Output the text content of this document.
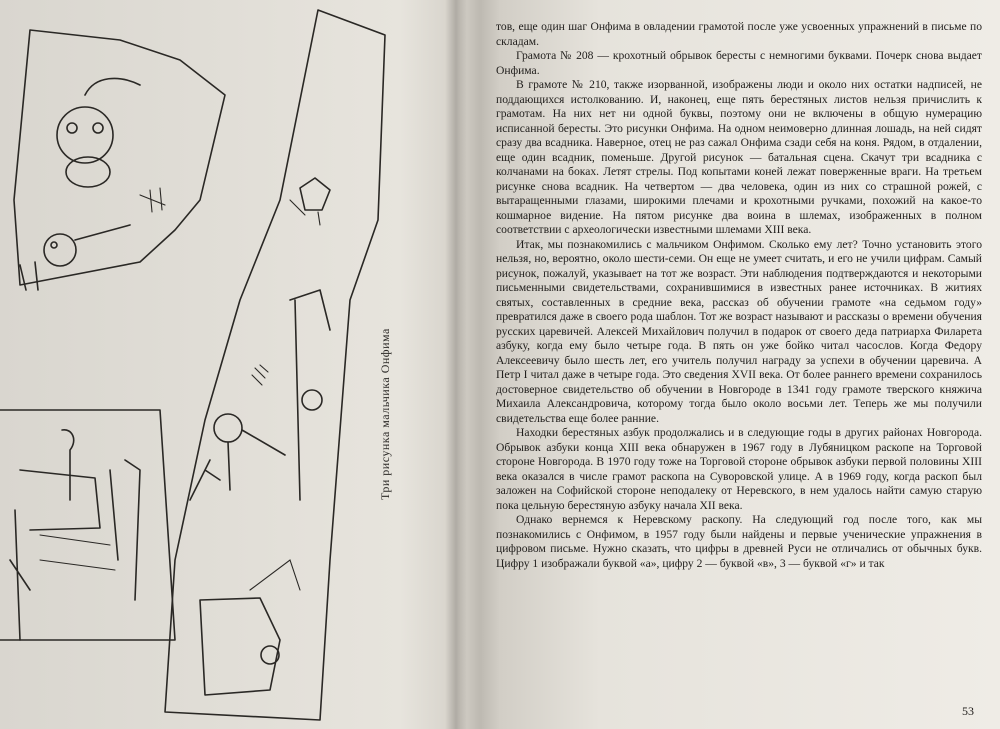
Три рисунка мальчика Онфима

тов, еще один шаг Онфима в овладении грамотой после уже усвоенных упражнений в письме по складам.

Грамота № 208 — крохотный обрывок бересты с немногими буквами. Почерк снова выдает Онфима.

В грамоте № 210, также изорванной, изображены люди и около них остатки надписей, не поддающихся истолкованию. И, наконец, еще пять берестяных листов нельзя причислить к грамотам. На них нет ни одной буквы, поэтому они не включены в общую нумерацию исписанной бересты. Это рисунки Онфима. На одном неимоверно длинная лошадь, на ней сидят сразу два всадника. Наверное, отец не раз сажал Онфима сзади себя на коня. Рядом, в отдалении, еще один всадник, поменьше. Другой рисунок — батальная сцена. Скачут три всадника с колчанами на боках. Летят стрелы. Под копытами коней лежат поверженные враги. На третьем рисунке снова всадник. На четвертом — два человека, один из них со страшной рожей, с вытаращенными глазами, широкими плечами и крохотными ручками, похожий на какое-то кошмарное видение. На пятом рисунке два воина в шлемах, изображенных в полном соответствии с археологически известными шлемами XIII века.

Итак, мы познакомились с мальчиком Онфимом. Сколько ему лет? Точно установить этого нельзя, но, вероятно, около шести-семи. Он еще не умеет считать, и его не учили цифрам. Самый рисунок, пожалуй, указывает на тот же возраст. Эти наблюдения подтверждаются и некоторыми письменными свидетельствами, сохранившимися в известных ранее источниках. В житиях святых, составленных в средние века, рассказ об обучении грамоте «на седьмом году» превратился даже в своего рода шаблон. Тот же возраст называют и рассказы о времени обучения русских царевичей. Алексей Михайлович получил в подарок от своего деда патриарха Филарета азбуку, когда ему было четыре года. В пять он уже бойко читал часослов. Когда Федору Алексеевичу было шесть лет, его учитель получил награду за успехи в обучении царевича. А Петр I читал даже в четыре года. Это сведения XVII века. От более раннего времени сохранилось достоверное свидетельство об обучении в Новгороде в 1341 году грамоте тверского княжича Михаила Александровича, которому тогда было около восьми лет. Теперь же мы получили свидетельства еще более ранние.

Находки берестяных азбук продолжались и в следующие годы в других районах Новгорода. Обрывок азбуки конца XIII века обнаружен в 1967 году в Лубяницком раскопе на Торговой стороне Новгорода. В 1970 году тоже на Торговой стороне обрывок азбуки первой половины XIII века оказался в числе грамот раскопа на Суворовской улице. А в 1969 году, когда раскоп был заложен на Софийской стороне неподалеку от Неревского, в нем удалось найти самую старую пока цельную берестяную азбуку начала XII века.

Однако вернемся к Неревскому раскопу. На следующий год после того, как мы познакомились с Онфимом, в 1957 году были найдены и первые ученические упражнения в цифровом письме. Нужно сказать, что цифры в древней Руси не отличались от обычных букв. Цифру 1 изображали буквой «а», цифру 2 — буквой «в», 3 — буквой «г» и так

53
